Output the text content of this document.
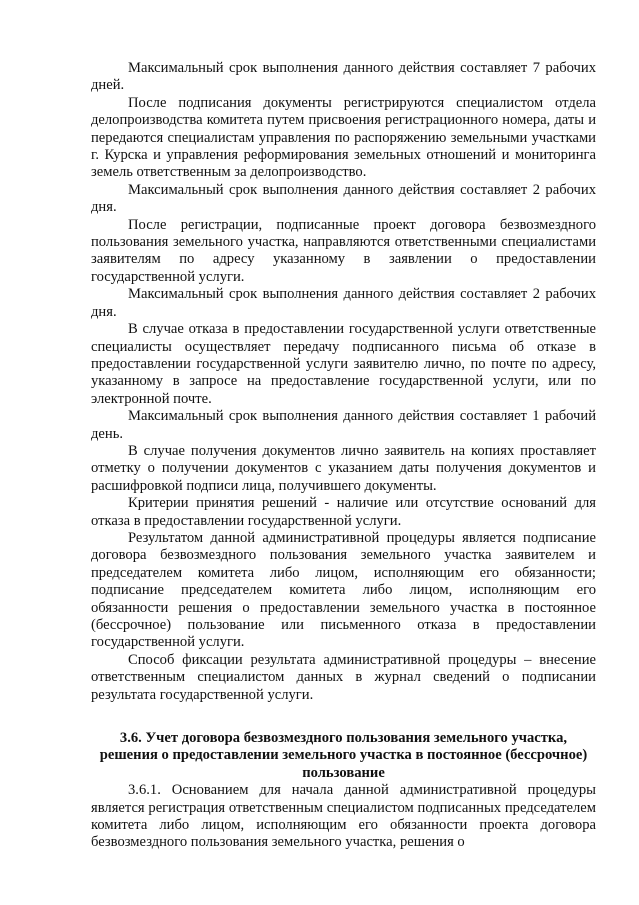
Максимальный срок выполнения данного действия составляет 7 рабочих дней.

После подписания документы регистрируются специалистом отдела делопроизводства комитета путем присвоения регистрационного номера, даты и передаются специалистам управления по распоряжению земельными участками г. Курска и управления реформирования земельных отношений и мониторинга земель ответственным за делопроизводство.

Максимальный срок выполнения данного действия составляет 2 рабочих дня.

После регистрации, подписанные проект договора безвозмездного пользования земельного участка, направляются ответственными специалистами заявителям по адресу указанному в заявлении о предоставлении государственной услуги.

Максимальный срок выполнения данного действия составляет 2 рабочих дня.

В случае отказа в предоставлении государственной услуги ответственные специалисты осуществляет передачу подписанного письма об отказе в предоставлении государственной услуги заявителю лично, по почте по адресу, указанному в запросе на предоставление государственной услуги, или по электронной почте.

Максимальный срок выполнения данного действия составляет 1 рабочий день.

В случае получения документов лично заявитель на копиях проставляет отметку о получении документов с указанием даты получения документов и расшифровкой подписи лица, получившего документы.

Критерии принятия решений - наличие или отсутствие оснований для отказа в предоставлении государственной услуги.

Результатом данной административной процедуры является подписание договора безвозмездного пользования земельного участка заявителем и председателем комитета либо лицом, исполняющим его обязанности; подписание председателем комитета либо лицом, исполняющим его обязанности решения о предоставлении земельного участка в постоянное (бессрочное) пользование или письменного отказа в предоставлении государственной услуги.

Способ фиксации результата административной процедуры – внесение ответственным специалистом данных в журнал сведений о подписании результата государственной услуги.

3.6. Учет договора безвозмездного пользования земельного участка,
решения о предоставлении земельного участка в постоянное (бессрочное)
пользование

3.6.1. Основанием для начала данной административной процедуры является регистрация ответственным специалистом подписанных председателем комитета либо лицом, исполняющим его обязанности проекта договора безвозмездного пользования земельного участка, решения о
